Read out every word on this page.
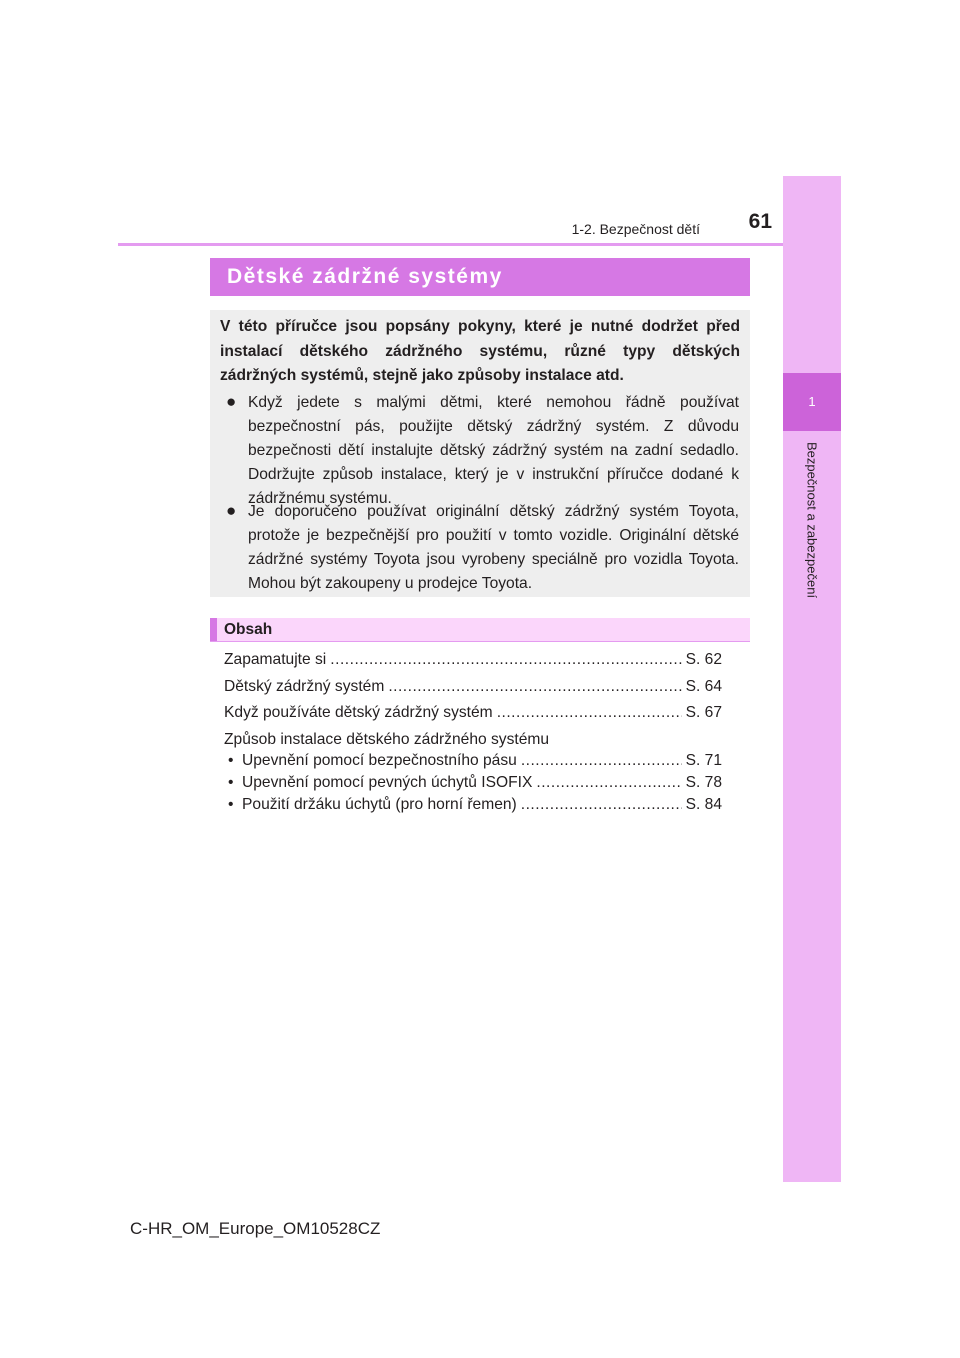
1
Bezpečnost a zabezpečení
1-2. Bezpečnost dětí	61
Dětské zádržné systémy
V této příručce jsou popsány pokyny, které je nutné dodržet před instalací dětského zádržného systému, různé typy dětských zádržných systémů, stejně jako způsoby instalace atd.
● Když jedete s malými dětmi, které nemohou řádně používat bezpečnostní pás, použijte dětský zádržný systém. Z důvodu bezpečnosti dětí instalujte dětský zádržný systém na zadní sedadlo. Dodržujte způsob instalace, který je v instrukční příručce dodané k zádržnému systému.
● Je doporučeno používat originální dětský zádržný systém Toyota, protože je bezpečnější pro použití v tomto vozidle. Originální dětské zádržné systémy Toyota jsou vyrobeny speciálně pro vozidla Toyota. Mohou být zakoupeny u prodejce Toyota.
Obsah
Zapamatujte si .....	S. 62
Dětský zádržný systém .....	S. 64
Když používáte dětský zádržný systém .....	S. 67
Způsob instalace dětského zádržného systému
• Upevnění pomocí bezpečnostního pásu .....	S. 71
• Upevnění pomocí pevných úchytů ISOFIX .....	S. 78
• Použití držáku úchytů (pro horní řemen) .....	S. 84
C-HR_OM_Europe_OM10528CZ
